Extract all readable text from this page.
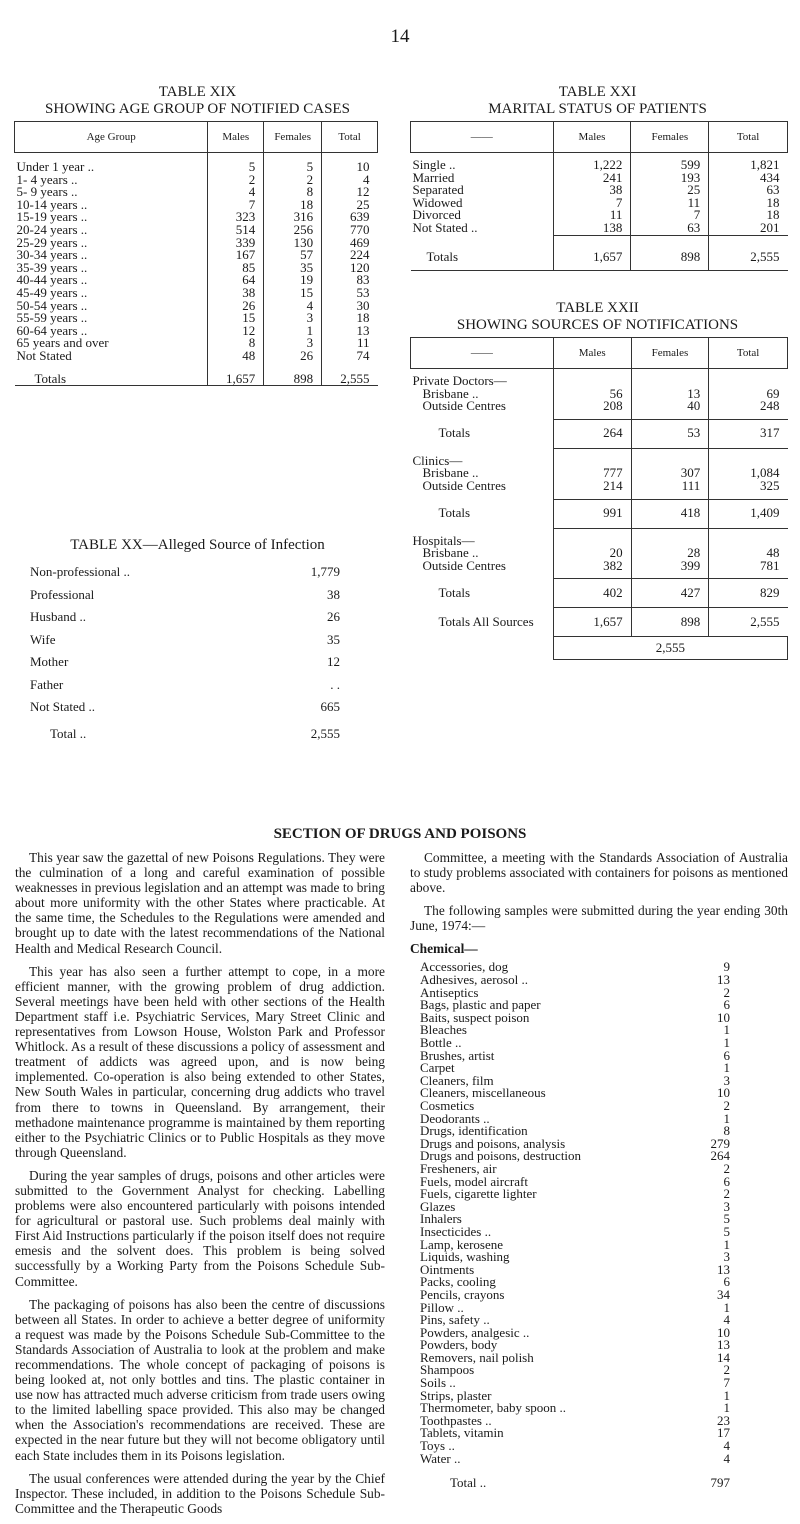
14
TABLE XIX
SHOWING AGE GROUP OF NOTIFIED CASES
Age Group	Males	Females	Total

Under 1 year ..	5	5	10
1- 4 years ..	2	2	4
5- 9 years ..	4	8	12
10-14 years ..	7	18	25
15-19 years ..	323	316	639
20-24 years ..	514	256	770
25-29 years ..	339	130	469
30-34 years ..	167	57	224
35-39 years ..	85	35	120
40-44 years ..	64	19	83
45-49 years ..	38	15	53
50-54 years ..	26	4	30
55-59 years ..	15	3	18
60-64 years ..	12	1	13
65 years and over	8	3	11
Not Stated	48	26	74
Totals	1,657	898	2,555
TABLE XX—Alleged Source of Infection
Non-professional ..	1,779
Professional	38
Husband ..	26
Wife	35
Mother	12
Father	. .
Not Stated ..	665
Total ..	2,555
TABLE XXI
MARITAL STATUS OF PATIENTS
——	Males	Females	Total

Single ..	1,222	599	1,821
Married	241	193	434
Separated	38	25	63
Widowed	7	11	18
Divorced	11	7	18
Not Stated ..	138	63	201
Totals	1,657	898	2,555
TABLE XXII
SHOWING SOURCES OF NOTIFICATIONS
——	Males	Females	Total

Private Doctors—			
Brisbane ..	56	13	69
Outside Centres	208	40	248

Totals	264	53	317

Clinics—			
Brisbane ..	777	307	1,084
Outside Centres	214	111	325

Totals	991	418	1,409

Hospitals—			
Brisbane ..	20	28	48
Outside Centres	382	399	781

Totals	402	427	829
Totals All Sources	1,657	898	2,555
	2,555		
SECTION OF DRUGS AND POISONS

This year saw the gazettal of new Poisons Regulations. They were the culmination of a long and careful examination of possible weaknesses in previous legislation and an attempt was made to bring about more uniformity with the other States where practicable. At the same time, the Schedules to the Regulations were amended and brought up to date with the latest recommendations of the National Health and Medical Research Council.

This year has also seen a further attempt to cope, in a more efficient manner, with the growing problem of drug addiction. Several meetings have been held with other sections of the Health Department staff i.e. Psychiatric Services, Mary Street Clinic and representatives from Lowson House, Wolston Park and Professor Whitlock. As a result of these discussions a policy of assessment and treatment of addicts was agreed upon, and is now being implemented. Co-operation is also being extended to other States, New South Wales in particular, concerning drug addicts who travel from there to towns in Queensland. By arrangement, their methadone maintenance programme is maintained by them reporting either to the Psychiatric Clinics or to Public Hospitals as they move through Queensland.

During the year samples of drugs, poisons and other articles were submitted to the Government Analyst for checking. Labelling problems were also encountered particularly with poisons intended for agricultural or pastoral use. Such problems deal mainly with First Aid Instructions particularly if the poison itself does not require emesis and the solvent does. This problem is being solved successfully by a Working Party from the Poisons Schedule Sub-Committee.

The packaging of poisons has also been the centre of discussions between all States. In order to achieve a better degree of uniformity a request was made by the Poisons Schedule Sub-Committee to the Standards Association of Australia to look at the problem and make recommendations. The whole concept of packaging of poisons is being looked at, not only bottles and tins. The plastic container in use now has attracted much adverse criticism from trade users owing to the limited labelling space provided. This also may be changed when the Association's recommendations are received. These are expected in the near future but they will not become obligatory until each State includes them in its Poisons legislation.

The usual conferences were attended during the year by the Chief Inspector. These included, in addition to the Poisons Schedule Sub-Committee and the Therapeutic Goods

Committee, a meeting with the Standards Association of Australia to study problems associated with containers for poisons as mentioned above.

The following samples were submitted during the year ending 30th June, 1974:—

Chemical—
Accessories, dog	9
Adhesives, aerosol ..	13
Antiseptics	2
Bags, plastic and paper	6
Baits, suspect poison	10
Bleaches	1
Bottle ..	1
Brushes, artist	6
Carpet	1
Cleaners, film	3
Cleaners, miscellaneous	10
Cosmetics	2
Deodorants ..	1
Drugs, identification	8
Drugs and poisons, analysis	279
Drugs and poisons, destruction	264
Fresheners, air	2
Fuels, model aircraft	6
Fuels, cigarette lighter	2
Glazes	3
Inhalers	5
Insecticides ..	5
Lamp, kerosene	1
Liquids, washing	3
Ointments	13
Packs, cooling	6
Pencils, crayons	34
Pillow ..	1
Pins, safety ..	4
Powders, analgesic ..	10
Powders, body	13
Removers, nail polish	14
Shampoos	2
Soils ..	7
Strips, plaster	1
Thermometer, baby spoon ..	1
Toothpastes ..	23
Tablets, vitamin	17
Toys ..	4
Water ..	4
Total ..	797
